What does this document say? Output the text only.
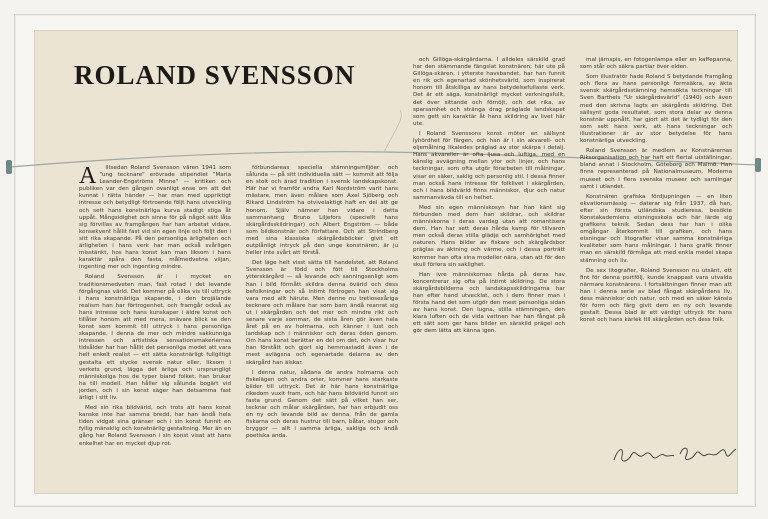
ROLAND SVENSSON
A	lltsedan Roland Svensson våren 1941 som "ung tecknare" erövrade stipendiet "Maria Leander-Engströms Minne" — kritiken och publiken var den gången ovanligt ense om att det kunnat i rätta händer — har man med uppriktigt intresse och betydligt förtroende följt hans utveckling och sett hans konstnärliga kurva stadigt stiga åt uppåt. Mångsidighet och sinne för på något sätt låta sig förvillas av framgången har han arbetat vidare, konsekvent hållit fast vid sin egen linje och följt den i sitt rika skapande. På den personliga ärligheten och ärligheten i hans verk har man också svårligen misstänkt, hos hans konst kan man liksom i hans karaktär spåra den fasta, målmedvetna viljan, ingenting mer och ingenting mindre.

Roland Svensson är i mycket en traditionsmedveten man, fast rotad i det levande förgångnas värld. Det kommer på olika vis till uttryck i hans konstnärliga skapande, i den brojälande realism han har förtrogenhet, och framgår också av hans intresse och hans kunskaper i äldre konst och tillåter honom att med mera, snävare blick se den konst som kommit till uttryck i hans personliga skapande. I denna de mer och mindre sakkunniga intressen och artistiska sensationsmakeriernas tidsålder har han hållit det personliga modet att vara helt enkelt realist — ett sätta konstnärligt fullgiltigt gestalta ett stycke svensk natur eller, liksom i verkets grund, lägga det ärliga och ursprungligt människoliga hos de typer bland folket, han brukar ha till modell. Han håller sig sålunda bogärt vid jorden, och i sin konst säger han detsamma fast ärligt i sitt liv.

Med sin rika bildvärld, och trots att hans konst kanske inte har samma bredd, har han ändå hela tiden vidgat sina gränser och i sin konst funnit en fyllig mänsklig och konstnärlig gestaltning. Mer än en gång har Roland Svensson i sin konst visat att hans enkelhet har en mycket djup rot.

förbundareas speciella stämningsmiljöer och sålunda — på sitt individuella sätt — kommit att följa en stolt och ärad tradition i svensk landskapskonst. Här har vi framför andra Karl Nordström varit hans mästare, men även målare som Axel Sjöberg och Rikard Lindström ha otvivelaktigt haft en del att ge honom. Själv nämner han vidare i detta sammanhang Bruno Liljefors (speciellt hans skärgårdsskildringar) och Albert Engström — både som bildkonstnär och författare. Och att Strindberg med sina klassiska skärgårdsböcker givit ett outplånligt intryck på den unge konstnären, är ju heller inte svårt att förstå.

Det läge helt visst sätta till handelstet, att Roland Svensson är född och fött till Stockholms ytterskärgård — så levande och sanningsenligt som han i bild förmått skildra denna övärld och dess befolkningar och så intimt förtrogen han visat sig vara med allt härute. Men denne nu tretiosexåriga tecknare och målare har som barn ändå reanrat sig ut i skärgården och det mer och mindre rikt och senare varje sommar, de sista åren gör även hela året på en av holmarna, och känner i lust och landskap och i människor och deras öden genom. Om hans konst berättar en del om det, och visar hur han förstått och gjort sig hemmastadd även i de mest avlägsna och egenartade delarna av den skärgård han älskar.

I denna natur, sådana de andra holmarna och fiskelägen och andra orter, kommer hans starkaste bilder till uttryck. Det är här hans konstnärliga rikedom vuxit fram, och här hans bildvärld funnit sin fasta grund. Genom det sätt på vilket han ser, tecknar och målar skärgården, har han erbjudit oss en ny och levande bild av denna, från de gamla fiskarna och deras hustrur till barn, båtar, stugor och bryggor — allt i samma ärliga, sakliga och ändå poetiska anda.

och Gillöga-skärgårdarna. I alldeles särskild grad har den stämmande fängslat konstnären; här ute på Gillöga-skären, i ytterste havsbandet, har han funnit en rik och egenartad skönhetsvärld, som inspirerat honom till åtskilliga av hans betydelsefullaste verk. Det är ett säga, konstnärligt mycket verkningsfullt, det över sittande och förnöjt, och det rika, av sparsamhet och stränga drag präglade landskapet som gett sin karaktär åt hans skildring av livet här ute.

I Roland Svenssons konst möter en sällsynt lyhördhet för färgen, och han är i sin akvarell- och oljemålning likaledes präglad av stor skärpa i detalj. Hans akvareller är ofta ljusa och luftiga, med en känslig avvägning mellan ytor och linjer, och hans teckningar, som ofta utgör förarbeten till målningar, visar en säker, saklig och personlig stil. I dessa finner man också hans intresse för folklivet i skärgården, och i hans bildvärld finns människor, djur och natur sammanvävda till en helhet.

Med sin egen människosyn har han känt sig förbunden med dem han skildrar, och skildrar människorna i deras vardag utan att romantisera dem. Han har sett deras hårda kamp för tillvaron men också deras stilla glädje och samhörighet med naturen. Hans bilder av fiskare och skärgårdsbor präglas av aktning och värme, och i dessa porträtt kommer han ofta sina modeller nära, utan att för den skull förlora sin saklighet.

Han ivre människornas hårda på deras hav koncentrerar sig ofta på intimt skildring. De stora skärgårdsbilderna och landskapsskildringarna har han efter hand utvecklat, och i dem finner man i första hand det som utgör den mest personliga sidan av hans konst. Den lugna, stilla stämningen, den klara luften och de vida vattnen har han fångat på ett sätt som ger hans bilder en särskild prägel och gör dem lätta att känna igen.

mal järnspis, en fotogenlampa eller en kaffepanna, som står och säkra partiar över elden.

Som illustratör hade Roland S betydande framgång och flera av hans personligt formsäkra, av äkta svensk skärgårdsstämning hemsökta teckningar till Sven Barthels "Ur skärgårdsvärld" (1940) och även med den skrivna lagts en skärgårds skildring. Det sällsynt goda resultatet, som stora delar av denna konstnär uppnått, har gjort att det är tydligt för den som sett hans verk, att hans teckningar och illustrationer är av stor betydelse för hans konstnärliga utveckling.

Roland Svensson är medlem av Konstnärernas Riksorganisation och har haft ett flertal utställningar, bland annat i Stockholm, Göteborg och Malmö. Han finns representerad på Nationalmuseum, Moderna museet och i flera svenska museer och samlingar samt i utlandet.

Konstnären grafiska fördjupningen — en liten ekvationsmässig — daterar sig från 1937, då han, efter sin första utländska studieresa, besökte Konstakademiens etsningsskola och här lärde sig grafikens teknik. Sedan dess har han i olika omgångar återkommit till grafiken, och hans etsningar och litografier visar samma konstnärliga kvaliteter som hans målningar. I hans grafik finner man en särskild förmåga att med enkla medel skapa stämning och liv.

De sex litografier, Roland Svensson nu utsänt, ett fint för denna portfölj, kunde knappast vara utvalda närmare konstnärens. I fortsättningen finner man att han i denna serie av blad fångat skärgårdens liv, dess människor och natur, och med en säker känsla för form och färg givit dem en ny och levande gestalt. Dessa blad är ett värdigt uttryck för hans konst och hans kärlek till skärgården och dess folk.
